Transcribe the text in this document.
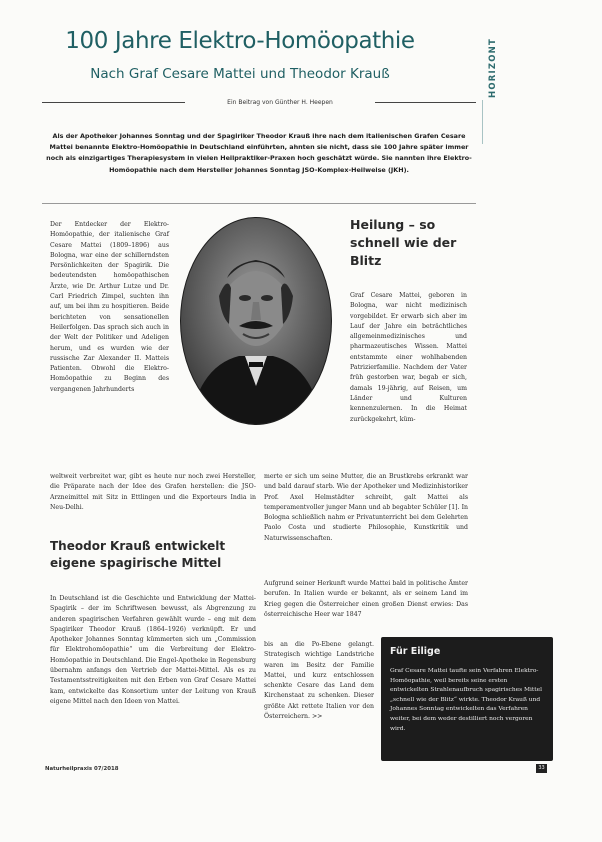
100 Jahre Elektro-Homöopathie
Nach Graf Cesare Mattei und Theodor Krauß	HORIZONT
Ein Beitrag von Günther H. Heepen
Als der Apotheker Johannes Sonntag und der Spagiriker Theodor Krauß ihre nach dem italienischen Grafen Cesare Mattei benannte Elektro-Homöopathie in Deutschland einführten, ahnten sie nicht, dass sie 100 Jahre später immer noch als einzigartiges Therapiesystem in vielen Heilpraktiker-Praxen hoch geschätzt würde. Sie nannten ihre Elektro-Homöopathie nach dem Hersteller Johannes Sonntag JSO-Komplex-Heilweise (JKH).
Der Entdecker der Elektro-Homöopathie, der italienische Graf Cesare Mattei (1809–1896) aus Bologna, war eine der schillerndsten Persönlichkeiten der Spagirik. Die bedeutendsten homöopathischen Ärzte, wie Dr. Arthur Lutze und Dr. Carl Friedrich Zimpel, suchten ihn auf, um bei ihm zu hospitieren. Beide berichteten von sensationellen Heilerfolgen. Das sprach sich auch in der Welt der Politiker und Adeligen herum, und es wurden wie der russische Zar Alexander II. Matteis Patienten. Obwohl die Elektro-Homöopathie zu Beginn des vergangenen Jahrhunderts
Heilung – so schnell wie der Blitz
Graf Cesare Mattei, geboren in Bologna, war nicht medizinisch vorgebildet. Er erwarb sich aber im Lauf der Jahre ein beträchtliches allgemeinmedizinisches und pharmazeutisches Wissen. Mattei entstammte einer wohlhabenden Patrizierfamilie. Nachdem der Vater früh gestorben war, begab er sich, damals 19-jährig, auf Reisen, um Länder und Kulturen kennenzulernen. In die Heimat zurückgekehrt, küm-
weltweit verbreitet war, gibt es heute nur noch zwei Hersteller, die Präparate nach der Idee des Grafen herstellen: die JSO-Arzneimittel mit Sitz in Ettlingen und die Exporteurs India in Neu-Delhi.
merte er sich um seine Mutter, die an Brustkrebs erkrankt war und bald darauf starb. Wie der Apotheker und Medizinhistoriker Prof. Axel Helmstädter schreibt, galt Mattei als temperamentvoller junger Mann und ab begabter Schüler [1]. In Bologna schließlich nahm er Privatunterricht bei dem Gelehrten Paolo Costa und studierte Philosophie, Kunstkritik und Naturwissenschaften.
Theodor Krauß entwickelt eigene spagirische Mittel
In Deutschland ist die Geschichte und Entwicklung der Mattei-Spagirik – der im Schriftwesen bewusst, als Abgrenzung zu anderen spagirischen Verfahren gewählt wurde – eng mit dem Spagiriker Theodor Krauß (1864–1926) verknüpft. Er und Apotheker Johannes Sonntag kümmerten sich um „Commission für Elektrohomöopathie“ um die Verbreitung der Elektro-Homöopathie in Deutschland. Die Engel-Apotheke in Regensburg übernahm anfangs den Vertrieb der Mattei-Mittel. Als es zu Testamentsstreitigkeiten mit den Erben von Graf Cesare Mattei kam, entwickelte das Konsortium unter der Leitung von Krauß eigene Mittel nach den Ideen von Mattei.
Aufgrund seiner Herkunft wurde Mattei bald in politische Ämter berufen. In Italien wurde er bekannt, als er seinem Land im Krieg gegen die Österreicher einen großen Dienst erwies: Das österreichische Heer war 1847
bis an die Po-Ebene gelangt. Strategisch wichtige Landstriche waren im Besitz der Familie Mattei, und kurz entschlossen schenkte Cesare das Land dem Kirchenstaat zu schenken. Dieser größte Akt rettete Italien vor den Österreichern. >>
Für Eilige

Graf Cesare Mattei taufte sein Verfahren Elektro-Homöopathie, weil bereits seine ersten entwickelten Strahlenaufbruch spagirisches Mittel „schnell wie der Blitz“ wirkte. Theodor Krauß und Johannes Sonntag entwickelten das Verfahren weiter, bei dem weder destilliert noch vergoren wird.

Naturheilpraxis 07/2018	33
